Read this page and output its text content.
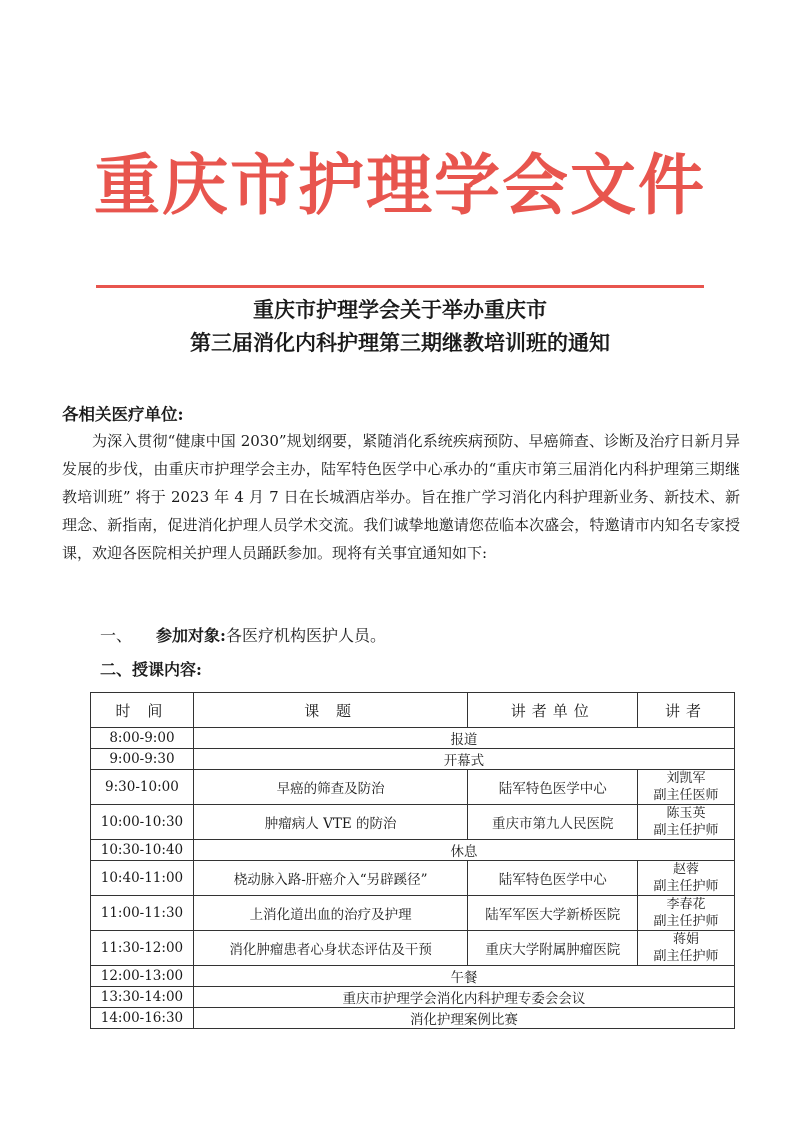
重庆市护理学会文件
重庆市护理学会关于举办重庆市
第三届消化内科护理第三期继教培训班的通知
各相关医疗单位:

为深入贯彻“健康中国 2030”规划纲要，紧随消化系统疾病预防、早癌筛查、诊断及治疗日新月异发展的步伐，由重庆市护理学会主办，陆军特色医学中心承办的“重庆市第三届消化内科护理第三期继教培训班” 将于 2023 年 4 月 7 日在长城酒店举办。旨在推广学习消化内科护理新业务、新技术、新理念、新指南，促进消化护理人员学术交流。我们诚挚地邀请您莅临本次盛会，特邀请市内知名专家授课，欢迎各医院相关护理人员踊跃参加。现将有关事宜通知如下:

一、 参加对象:各医疗机构医护人员。
二、授课内容:
时 间	课 题	讲者单位	讲者
8:00-9:00	报道		
9:00-9:30	开幕式		
9:30-10:00	早癌的筛查及防治	陆军特色医学中心	刘凯军
副主任医师

10:00-10:30	肿瘤病人 VTE 的防治	重庆市第九人民医院	陈玉英
副主任护师

10:30-10:40	休息		
10:40-11:00	桡动脉入路-肝癌介入“另辟蹊径”	陆军特色医学中心	赵蓉
副主任护师

11:00-11:30	上消化道出血的治疗及护理	陆军军医大学新桥医院	李春花
副主任护师

11:30-12:00	消化肿瘤患者心身状态评估及干预	重庆大学附属肿瘤医院	蒋娟
副主任护师

12:00-13:00	午餐		
13:30-14:00	重庆市护理学会消化内科护理专委会会议		
14:00-16:30	消化护理案例比赛		
